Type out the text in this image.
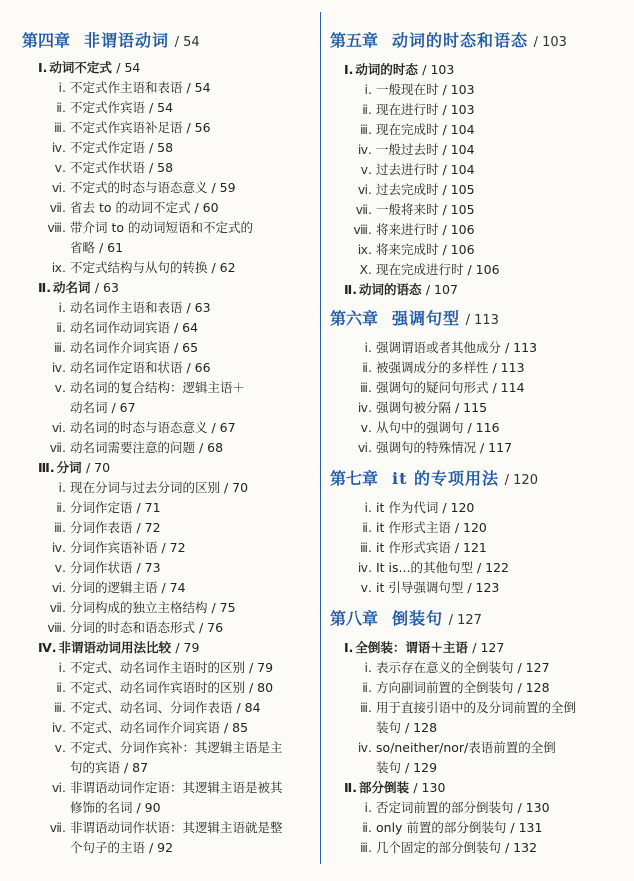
第四章 非谓语动词 / 54
Ⅰ. 动词不定式 / 54
ⅰ. 不定式作主语和表语 / 54
ⅱ. 不定式作宾语 / 54
ⅲ. 不定式作宾语补足语 / 56
ⅳ. 不定式作定语 / 58
ⅴ. 不定式作状语 / 58
ⅵ. 不定式的时态与语态意义 / 59
ⅶ. 省去 to 的动词不定式 / 60
ⅷ. 带介词 to 的动词短语和不定式的
省略 / 61
ⅸ. 不定式结构与从句的转换 / 62
Ⅱ. 动名词 / 63
ⅰ. 动名词作主语和表语 / 63
ⅱ. 动名词作动词宾语 / 64
ⅲ. 动名词作介词宾语 / 65
ⅳ. 动名词作定语和状语 / 66
ⅴ. 动名词的复合结构：逻辑主语＋
动名词 / 67
ⅵ. 动名词的时态与语态意义 / 67
ⅶ. 动名词需要注意的问题 / 68
Ⅲ. 分词 / 70
ⅰ. 现在分词与过去分词的区别 / 70
ⅱ. 分词作定语 / 71
ⅲ. 分词作表语 / 72
ⅳ. 分词作宾语补语 / 72
ⅴ. 分词作状语 / 73
ⅵ. 分词的逻辑主语 / 74
ⅶ. 分词构成的独立主格结构 / 75
ⅷ. 分词的时态和语态形式 / 76
Ⅳ. 非谓语动词用法比较 / 79
ⅰ. 不定式、动名词作主语时的区别 / 79
ⅱ. 不定式、动名词作宾语时的区别 / 80
ⅲ. 不定式、动名词、分词作表语 / 84
ⅳ. 不定式、动名词作介词宾语 / 85
ⅴ. 不定式、分词作宾补：其逻辑主语是主
句的宾语 / 87
ⅵ. 非谓语动词作定语：其逻辑主语是被其
修饰的名词 / 90
ⅶ. 非谓语动词作状语：其逻辑主语就是整
个句子的主语 / 92
第五章 动词的时态和语态 / 103
Ⅰ. 动词的时态 / 103
ⅰ. 一般现在时 / 103
ⅱ. 现在进行时 / 103
ⅲ. 现在完成时 / 104
ⅳ. 一般过去时 / 104
ⅴ. 过去进行时 / 104
ⅵ. 过去完成时 / 105
ⅶ. 一般将来时 / 105
ⅷ. 将来进行时 / 106
ⅸ. 将来完成时 / 106
Ⅹ. 现在完成进行时 / 106
Ⅱ. 动词的语态 / 107
第六章 强调句型 / 113
ⅰ. 强调谓语或者其他成分 / 113
ⅱ. 被强调成分的多样性 / 113
ⅲ. 强调句的疑问句形式 / 114
ⅳ. 强调句被分隔 / 115
ⅴ. 从句中的强调句 / 116
ⅵ. 强调句的特殊情况 / 117
第七章 it 的专项用法 / 120
ⅰ. it 作为代词 / 120
ⅱ. it 作形式主语 / 120
ⅲ. it 作形式宾语 / 121
ⅳ. It is...的其他句型 / 122
ⅴ. it 引导强调句型 / 123
第八章 倒装句 / 127
Ⅰ. 全倒装：谓语＋主语 / 127
ⅰ. 表示存在意义的全倒装句 / 127
ⅱ. 方向副词前置的全倒装句 / 128
ⅲ. 用于直接引语中的及分词前置的全倒
装句 / 128
ⅳ. so/neither/nor/表语前置的全倒
装句 / 129
Ⅱ. 部分倒装 / 130
ⅰ. 否定词前置的部分倒装句 / 130
ⅱ. only 前置的部分倒装句 / 131
ⅲ. 几个固定的部分倒装句 / 132
